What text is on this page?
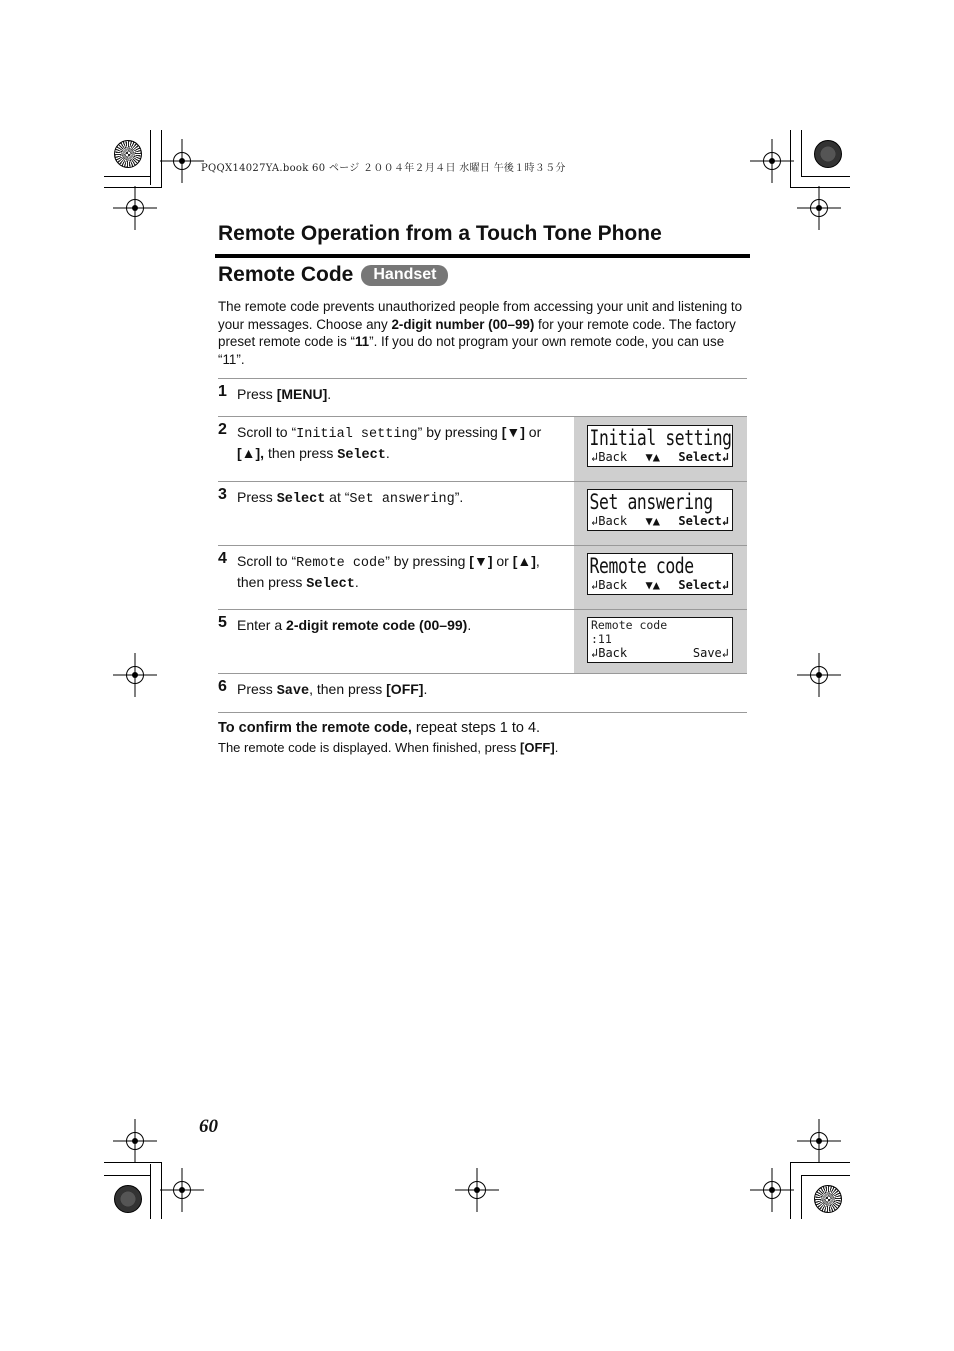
PQQX14027YA.book 60 ページ ２００４年２月４日 水曜日 午後１時３５分
Remote Operation from a Touch Tone Phone
Remote Code	Handset

The remote code prevents unauthorized people from accessing your unit and listening to your messages. Choose any 2-digit number (00–99) for your remote code. The factory preset remote code is “11”. If you do not program your own remote code, you can use “11”.

1 Press [MENU].
2 Scroll to “Initial setting” by pressing [▼] or [▲], then press Select.
Initial setting
↲Back ▼▲ Select↲
3 Press Select at “Set answering”.	Set answering
↲Back ▼▲ Select↲
4 Scroll to “Remote code” by pressing [▼] or [▲], then press Select.
Remote code
↲Back ▼▲ Select↲
5 Enter a 2-digit remote code (00–99).	Remote code
:11
↲Back	Save↲
6 Press Save, then press [OFF].

To confirm the remote code, repeat steps 1 to 4.

The remote code is displayed. When finished, press [OFF].

60
